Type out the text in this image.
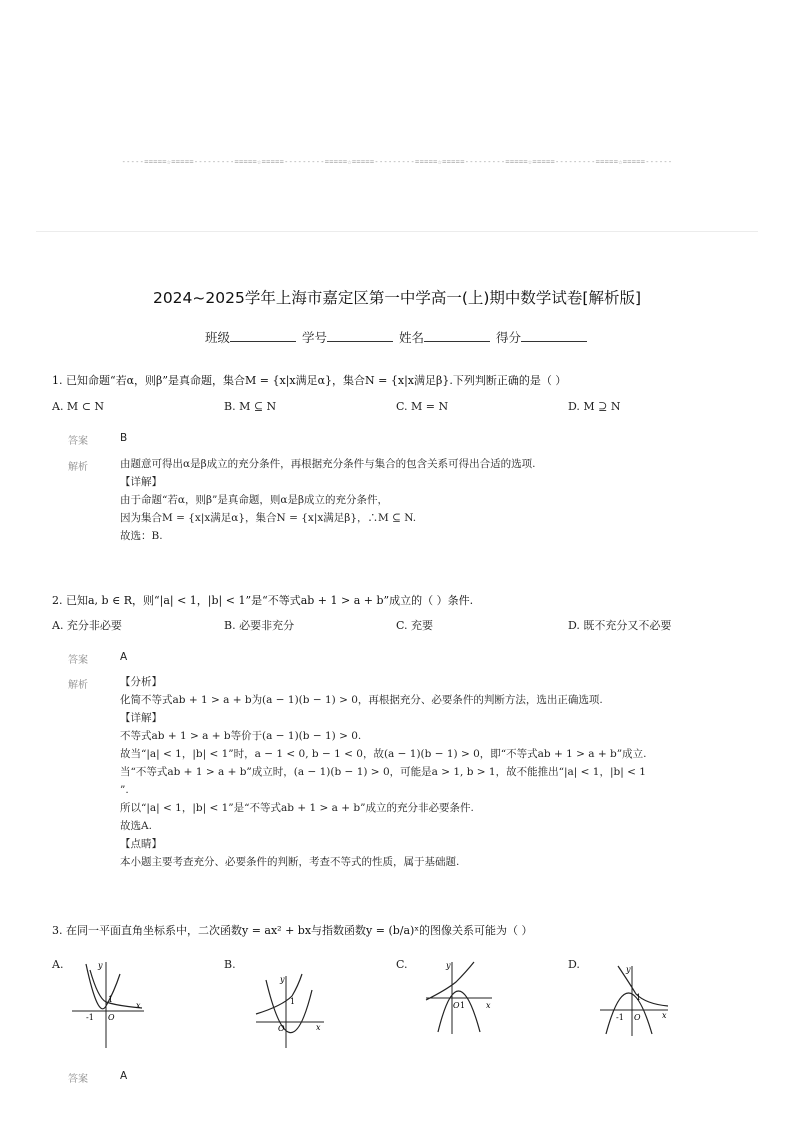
-----=====☆=====---------=====☆=====---------=====☆=====---------=====☆=====---------=====☆=====---------=====☆=====------
2024~2025学年上海市嘉定区第一中学高一(上)期中数学试卷[解析版]
班级	学号	姓名	得分
1. 已知命题“若α，则β”是真命题，集合M = {x|x满足α}，集合N = {x|x满足β}.下列判断正确的是（ ）
A. M ⊂ N	B. M ⊆ N	C. M = N	D. M ⊇ N
答案	B
解析	由题意可得出α是β成立的充分条件，再根据充分条件与集合的包含关系可得出合适的选项.
【详解】
由于命题“若α，则β”是真命题，则α是β成立的充分条件，
因为集合M = {x|x满足α}，集合N = {x|x满足β}，∴M ⊆ N.
故选：B.
2. 已知a, b ∈ R，则“|a| < 1，|b| < 1”是“不等式ab + 1 > a + b”成立的（ ）条件.
A. 充分非必要	B. 必要非充分	C. 充要	D. 既不充分又不必要
答案	A
解析	【分析】
化简不等式ab + 1 > a + b为(a − 1)(b − 1) > 0，再根据充分、必要条件的判断方法，选出正确选项.
【详解】
不等式ab + 1 > a + b等价于(a − 1)(b − 1) > 0.
故当“|a| < 1，|b| < 1”时，a − 1 < 0, b − 1 < 0，故(a − 1)(b − 1) > 0，即“不等式ab + 1 > a + b”成立.
当“不等式ab + 1 > a + b”成立时，(a − 1)(b − 1) > 0，可能是a > 1, b > 1，故不能推出“|a| < 1，|b| < 1
”.
所以“|a| < 1，|b| < 1”是“不等式ab + 1 > a + b”成立的充分非必要条件.
故选A.
【点睛】
本小题主要考查充分、必要条件的判断，考查不等式的性质，属于基础题.
3. 在同一平面直角坐标系中，二次函数y = ax² + bx与指数函数y = (b/a)ˣ的图像关系可能为（ ）
A.	B.	C.	D.
y
x
-1 O
1
y
x
O
1
y
x
O 1
y
x
-1 O
1
答案	A
